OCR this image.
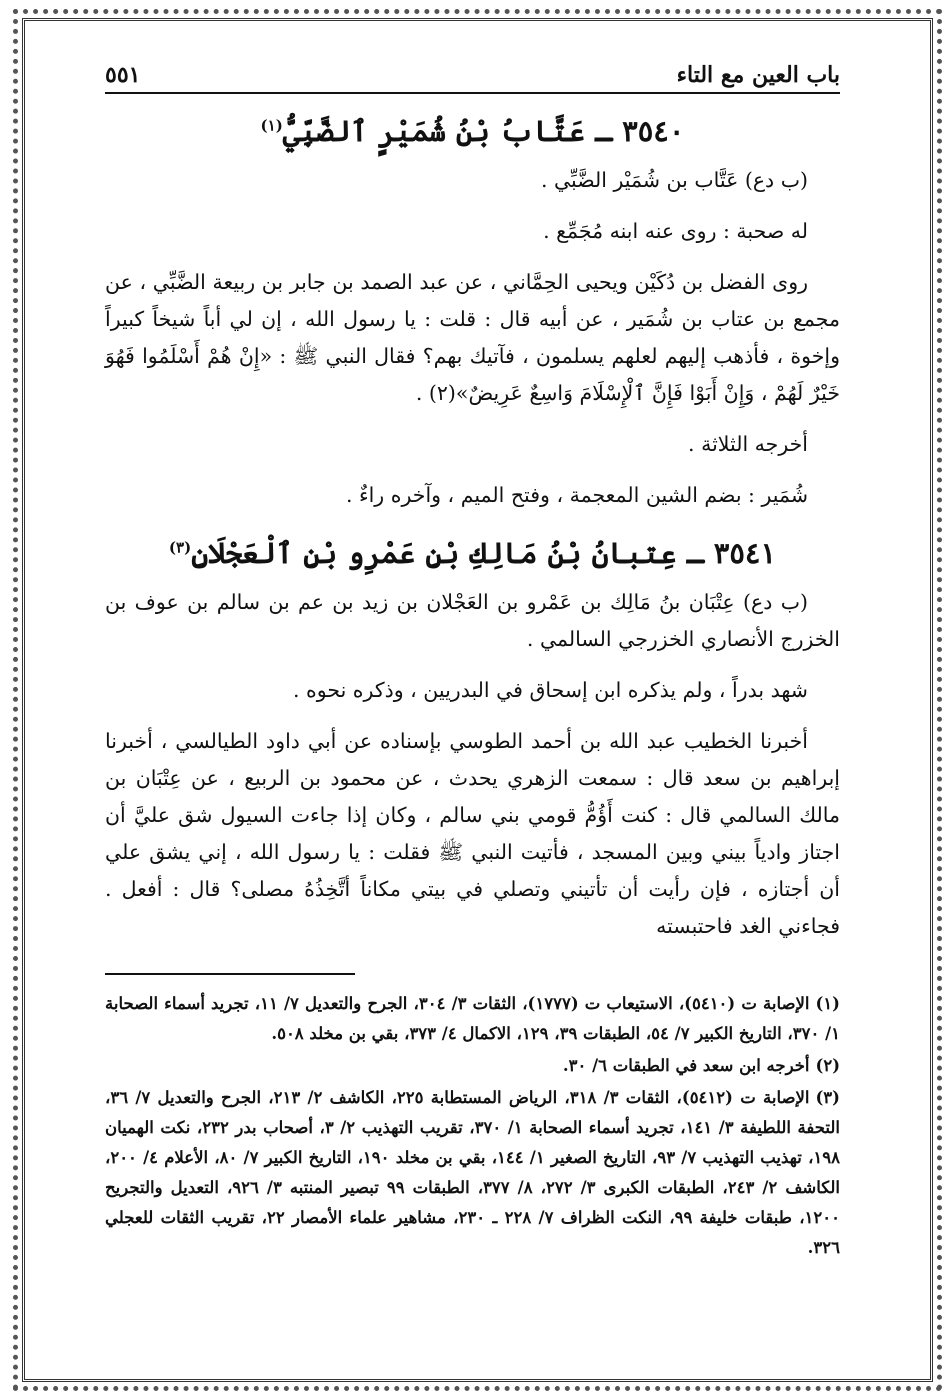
باب العين مع التاء
٥٥١
٣٥٤٠ ـ عَتَّابُ بْنُ شُمَيْرٍ ٱلضَّبِّيُّ$^{(١)}$

(ب دع) عَتَّاب بن شُمَيْر الضَّبِّي .

له صحبة : روى عنه ابنه مُجَمِّع .

روى الفضل بن دُكَيْن ويحيى الحِمَّاني ، عن عبد الصمد بن جابر بن ربيعة الضَّبِّي ، عن مجمع بن عتاب بن شُمَير ، عن أبيه قال : قلت : يا رسول الله ، إن لي أباً شيخاً كبيراً وإخوة ، فأذهب إليهم لعلهم يسلمون ، فآتيك بهم؟ فقال النبي ﷺ : «إِنْ هُمْ أَسْلَمُوا فَهُوَ خَيْرٌ لَهُمْ ، وَإِنْ أَبَوْا فَإِنَّ ٱلْإِسْلَامَ وَاسِعٌ عَرِيضٌ»(٢) .

أخرجه الثلاثة .

شُمَير : بضم الشين المعجمة ، وفتح الميم ، وآخره راءٌ .

٣٥٤١ ـ عِتبانُ بْنُ مَالِكِ بْنِ عَمْرِو بْنِ ٱلْعَجْلَانِ$^{(٣)}$

(ب دع) عِتْبَان بنُ مَالِك بن عَمْرو بن العَجْلان بن زيد بن عم بن سالم بن عوف بن الخزرج الأنصاري الخزرجي السالمي .

شهد بدراً ، ولم يذكره ابن إسحاق في البدريين ، وذكره نحوه .

أخبرنا الخطيب عبد الله بن أحمد الطوسي بإسناده عن أبي داود الطيالسي ، أخبرنا إبراهيم بن سعد قال : سمعت الزهري يحدث ، عن محمود بن الربيع ، عن عِتْبَان بن مالك السالمي قال : كنت أَؤُمُّ قومي بني سالم ، وكان إذا جاءت السيول شق عليَّ أن اجتاز وادياً بيني وبين المسجد ، فأتيت النبي ﷺ فقلت : يا رسول الله ، إني يشق علي أن أجتازه ، فإن رأيت أن تأتيني وتصلي في بيتي مكاناً أتَّخِذُهُ مصلى؟ قال : أفعل . فجاءني الغد فاحتبسته

(١)الإصابة ت (٥٤١٠)، الاستيعاب ت (١٧٧٧)، الثقات ٣/ ٣٠٤، الجرح والتعديل ٧/ ١١، تجريد أسماء الصحابة ١/ ٣٧٠، التاريخ الكبير ٧/ ٥٤، الطبقات ٣٩، ١٢٩، الاكمال ٤/ ٣٧٣، بقي بن مخلد ٥٠٨.

(٢)أخرجه ابن سعد في الطبقات ٦/ ٣٠.

(٣)الإصابة ت (٥٤١٢)، الثقات ٣/ ٣١٨، الرياض المستطابة ٢٢٥، الكاشف ٢/ ٢١٣، الجرح والتعديل ٧/ ٣٦، التحفة اللطيفة ٣/ ١٤١، تجريد أسماء الصحابة ١/ ٣٧٠، تقريب التهذيب ٢/ ٣، أصحاب بدر ٢٣٢، نكت الهميان ١٩٨، تهذيب التهذيب ٧/ ٩٣، التاريخ الصغير ١/ ١٤٤، بقي بن مخلد ١٩٠، التاريخ الكبير ٧/ ٨٠، الأعلام ٤/ ٢٠٠، الكاشف ٢/ ٢٤٣، الطبقات الكبرى ٣/ ٢٧٢، ٨/ ٣٧٧، الطبقات ٩٩ تبصير المنتبه ٣/ ٩٢٦، التعديل والتجريح ١٢٠٠، طبقات خليفة ٩٩، النكت الظراف ٧/ ٢٢٨ ـ ٢٣٠، مشاهير علماء الأمصار ٢٢، تقريب الثقات للعجلي ٣٢٦.
